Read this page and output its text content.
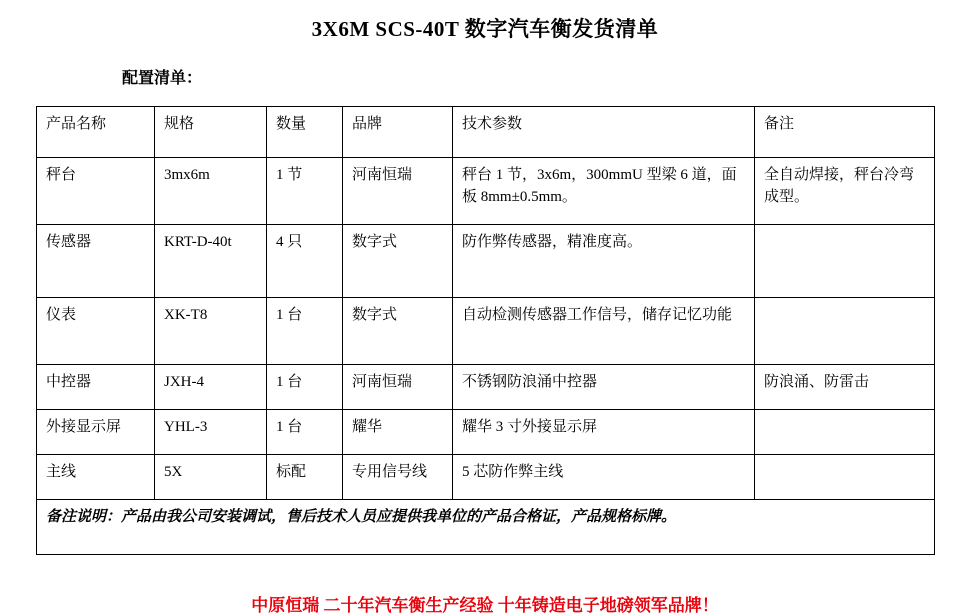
3X6M SCS-40T 数字汽车衡发货清单
配置清单：
产品名称	规格	数量	品牌	技术参数	备注
秤台	3mx6m	1 节	河南恒瑞	秤台 1 节，3x6m，300mmU 型梁 6 道，面板 8mm±0.5mm。	全自动焊接，秤台冷弯成型。
传感器	KRT-D-40t	4 只	数字式	防作弊传感器，精准度高。	
仪表	XK-T8	1 台	数字式	自动检测传感器工作信号，储存记忆功能	
中控器	JXH-4	1 台	河南恒瑞	不锈钢防浪涌中控器	防浪涌、防雷击
外接显示屏	YHL-3	1 台	耀华	耀华 3 寸外接显示屏	
主线	5X	标配	专用信号线	5 芯防作弊主线	
备注说明：产品由我公司安装调试，售后技术人员应提供我单位的产品合格证，产品规格标牌。					
中原恒瑞 二十年汽车衡生产经验 十年铸造电子地磅领军品牌！
